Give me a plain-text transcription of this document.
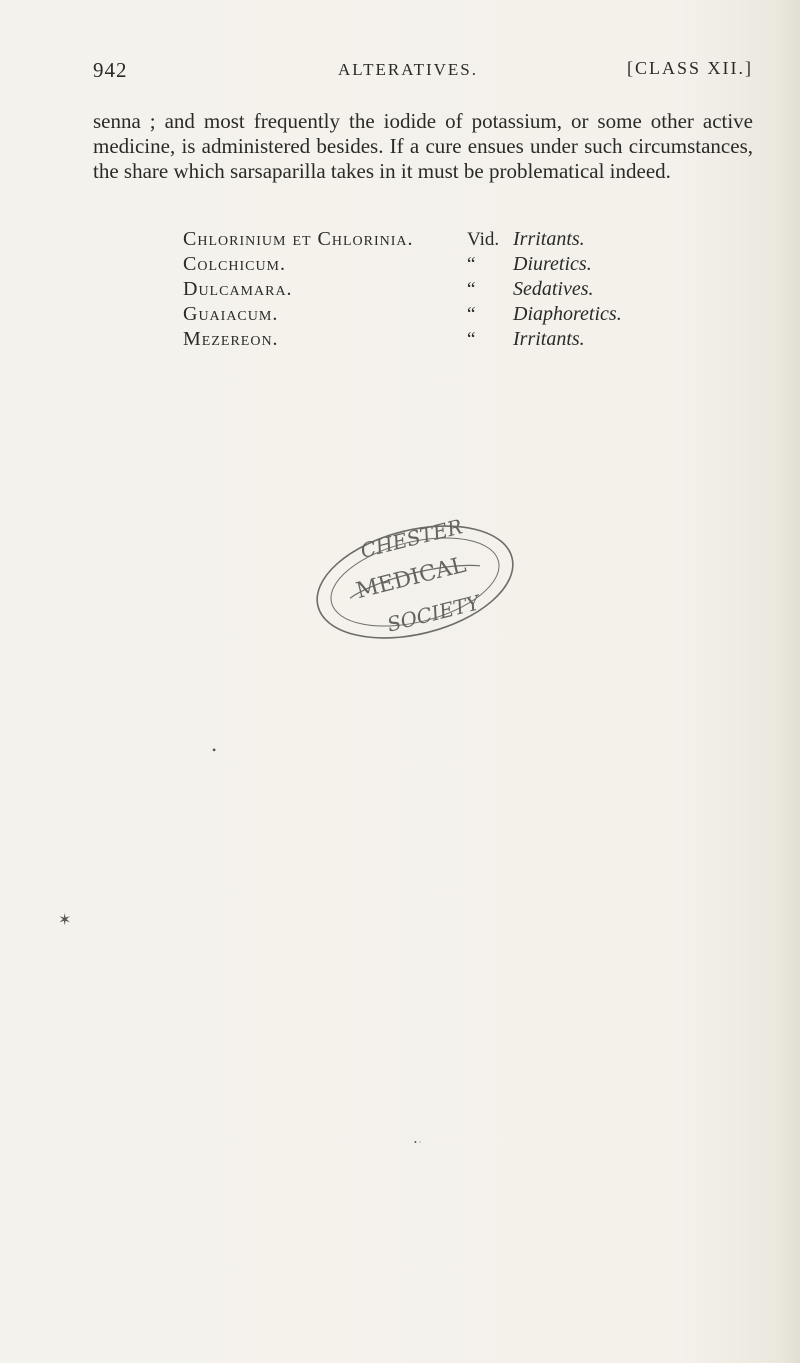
942	ALTERATIVES.	[CLASS XII.]

senna ; and most frequently the iodide of potassium, or some other active medicine, is administered besides. If a cure ensues under such circumstances, the share which sarsaparilla takes in it must be problematical indeed.

Chlorinium et Chlorinia.	Vid. Irritants.
Colchicum.	“ Diuretics.
Dulcamara.	“ Sedatives.
Guaiacum.	“ Diaphoretics.
Mezereon.	“ Irritants.
CHESTER
MEDICAL
SOCIETY
•
✶
• ·
